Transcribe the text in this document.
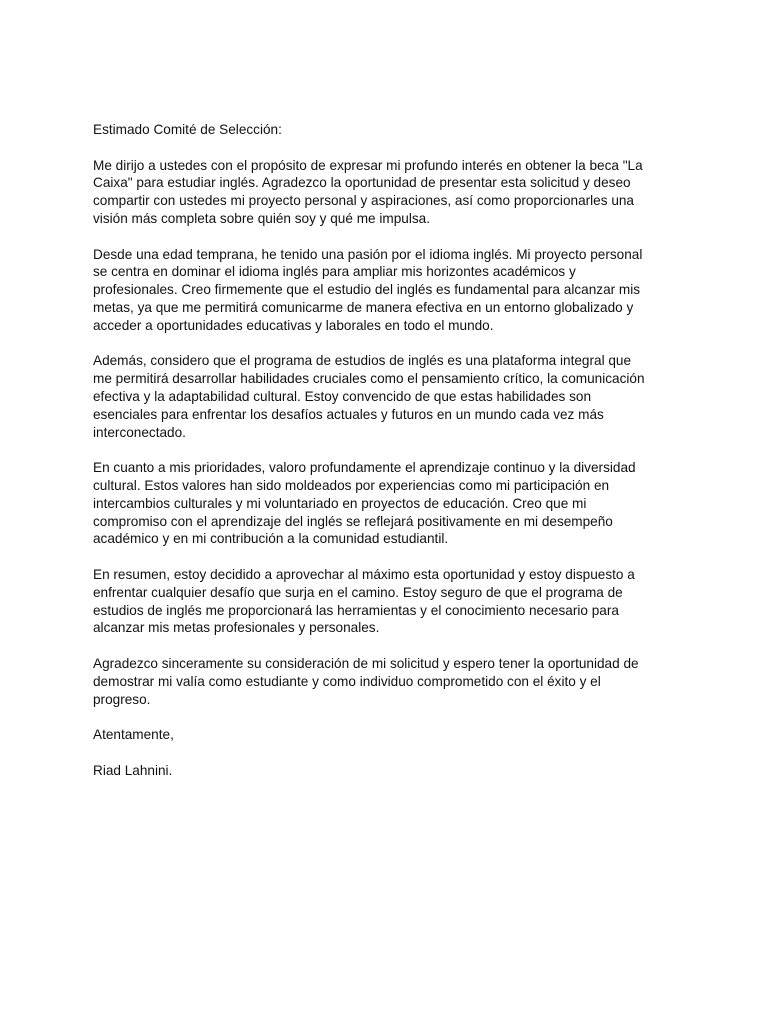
Estimado Comité de Selección:

Me dirijo a ustedes con el propósito de expresar mi profundo interés en obtener la beca "La
Caixa" para estudiar inglés. Agradezco la oportunidad de presentar esta solicitud y deseo
compartir con ustedes mi proyecto personal y aspiraciones, así como proporcionarles una
visión más completa sobre quién soy y qué me impulsa.

Desde una edad temprana, he tenido una pasión por el idioma inglés. Mi proyecto personal
se centra en dominar el idioma inglés para ampliar mis horizontes académicos y
profesionales. Creo firmemente que el estudio del inglés es fundamental para alcanzar mis
metas, ya que me permitirá comunicarme de manera efectiva en un entorno globalizado y
acceder a oportunidades educativas y laborales en todo el mundo.

Además, considero que el programa de estudios de inglés es una plataforma integral que
me permitirá desarrollar habilidades cruciales como el pensamiento crítico, la comunicación
efectiva y la adaptabilidad cultural. Estoy convencido de que estas habilidades son
esenciales para enfrentar los desafíos actuales y futuros en un mundo cada vez más
interconectado.

En cuanto a mis prioridades, valoro profundamente el aprendizaje continuo y la diversidad
cultural. Estos valores han sido moldeados por experiencias como mi participación en
intercambios culturales y mi voluntariado en proyectos de educación. Creo que mi
compromiso con el aprendizaje del inglés se reflejará positivamente en mi desempeño
académico y en mi contribución a la comunidad estudiantil.

En resumen, estoy decidido a aprovechar al máximo esta oportunidad y estoy dispuesto a
enfrentar cualquier desafío que surja en el camino. Estoy seguro de que el programa de
estudios de inglés me proporcionará las herramientas y el conocimiento necesario para
alcanzar mis metas profesionales y personales.

Agradezco sinceramente su consideración de mi solicitud y espero tener la oportunidad de
demostrar mi valía como estudiante y como individuo comprometido con el éxito y el
progreso.

Atentamente,

Riad Lahnini.
